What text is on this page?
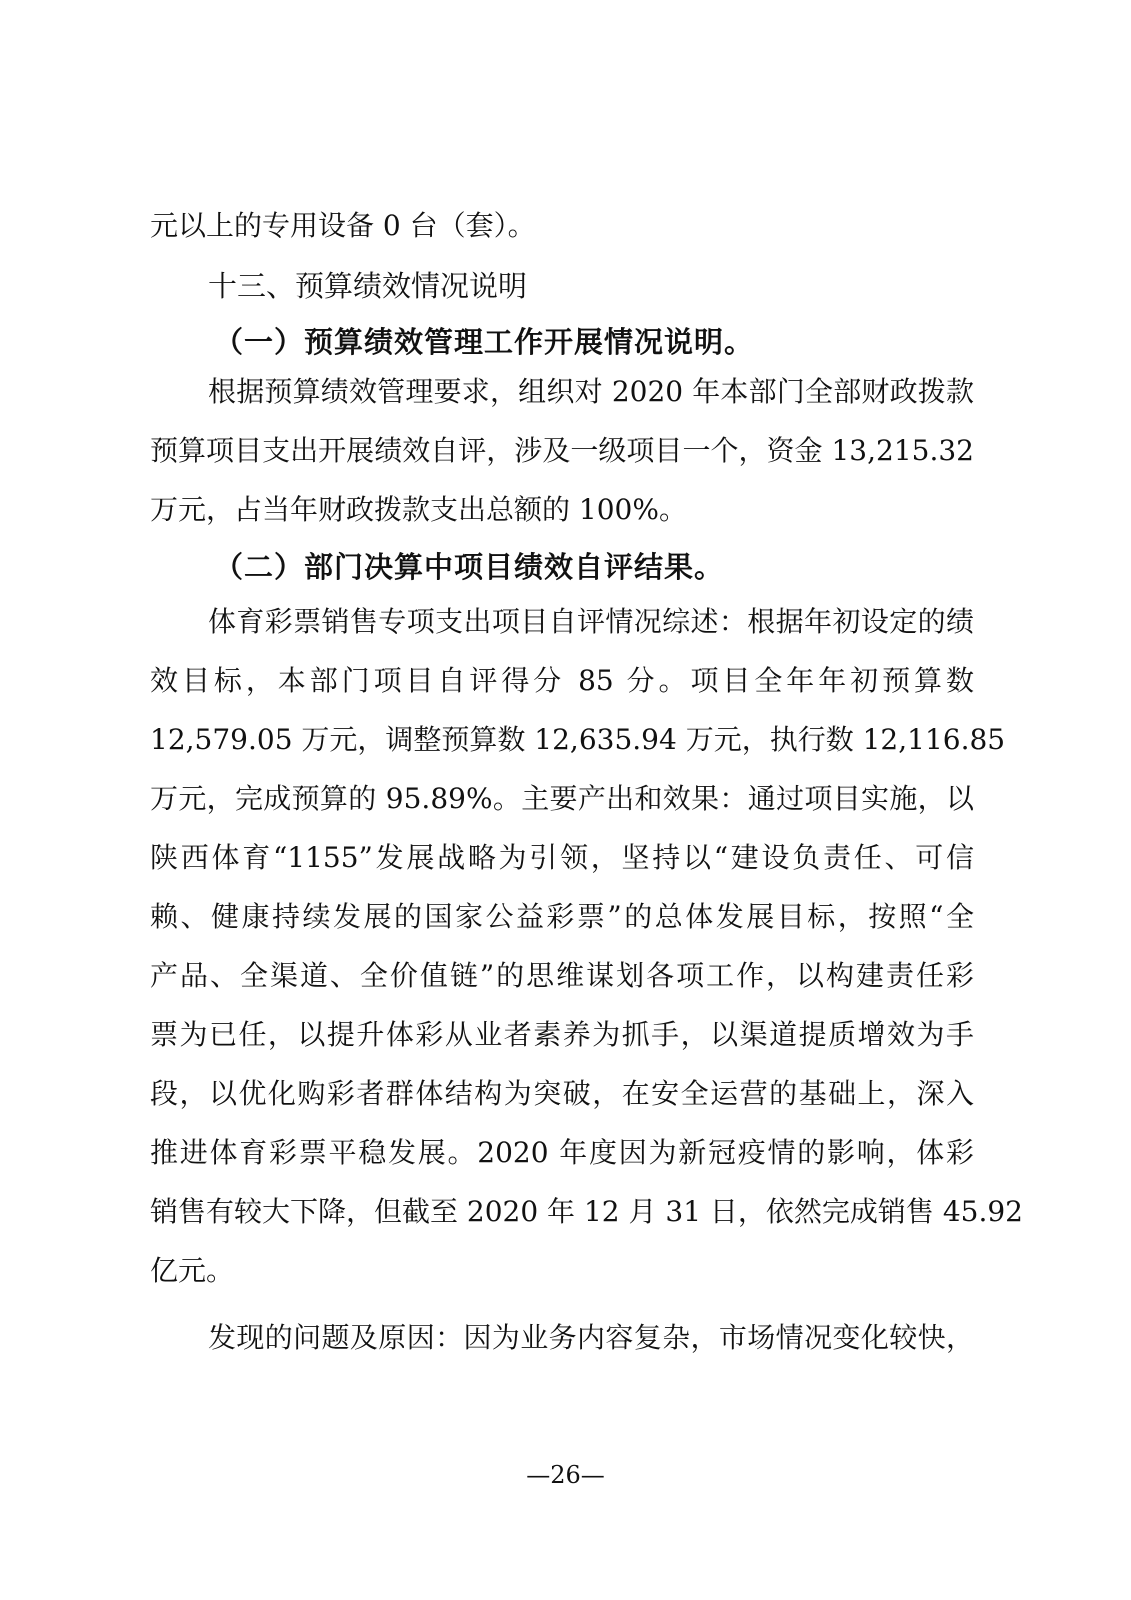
元以上的专用设备 0 台（套）。
十三、预算绩效情况说明
（一）预算绩效管理工作开展情况说明。
根据预算绩效管理要求，组织对 2020 年本部门全部财政拨款
预算项目支出开展绩效自评，涉及一级项目一个，资金 13,215.32
万元，占当年财政拨款支出总额的 100%。
（二）部门决算中项目绩效自评结果。
体育彩票销售专项支出项目自评情况综述：根据年初设定的绩
效目标，本部门项目自评得分 85 分。项目全年年初预算数
12,579.05 万元，调整预算数 12,635.94 万元，执行数 12,116.85
万元，完成预算的 95.89%。主要产出和效果：通过项目实施，以
陕西体育“1155”发展战略为引领，坚持以“建设负责任、可信
赖、健康持续发展的国家公益彩票”的总体发展目标，按照“全
产品、全渠道、全价值链”的思维谋划各项工作，以构建责任彩
票为已任，以提升体彩从业者素养为抓手，以渠道提质增效为手
段，以优化购彩者群体结构为突破，在安全运营的基础上，深入
推进体育彩票平稳发展。2020 年度因为新冠疫情的影响，体彩
销售有较大下降，但截至 2020 年 12 月 31 日，依然完成销售 45.92
亿元。
发现的问题及原因：因为业务内容复杂，市场情况变化较快，
—26—
